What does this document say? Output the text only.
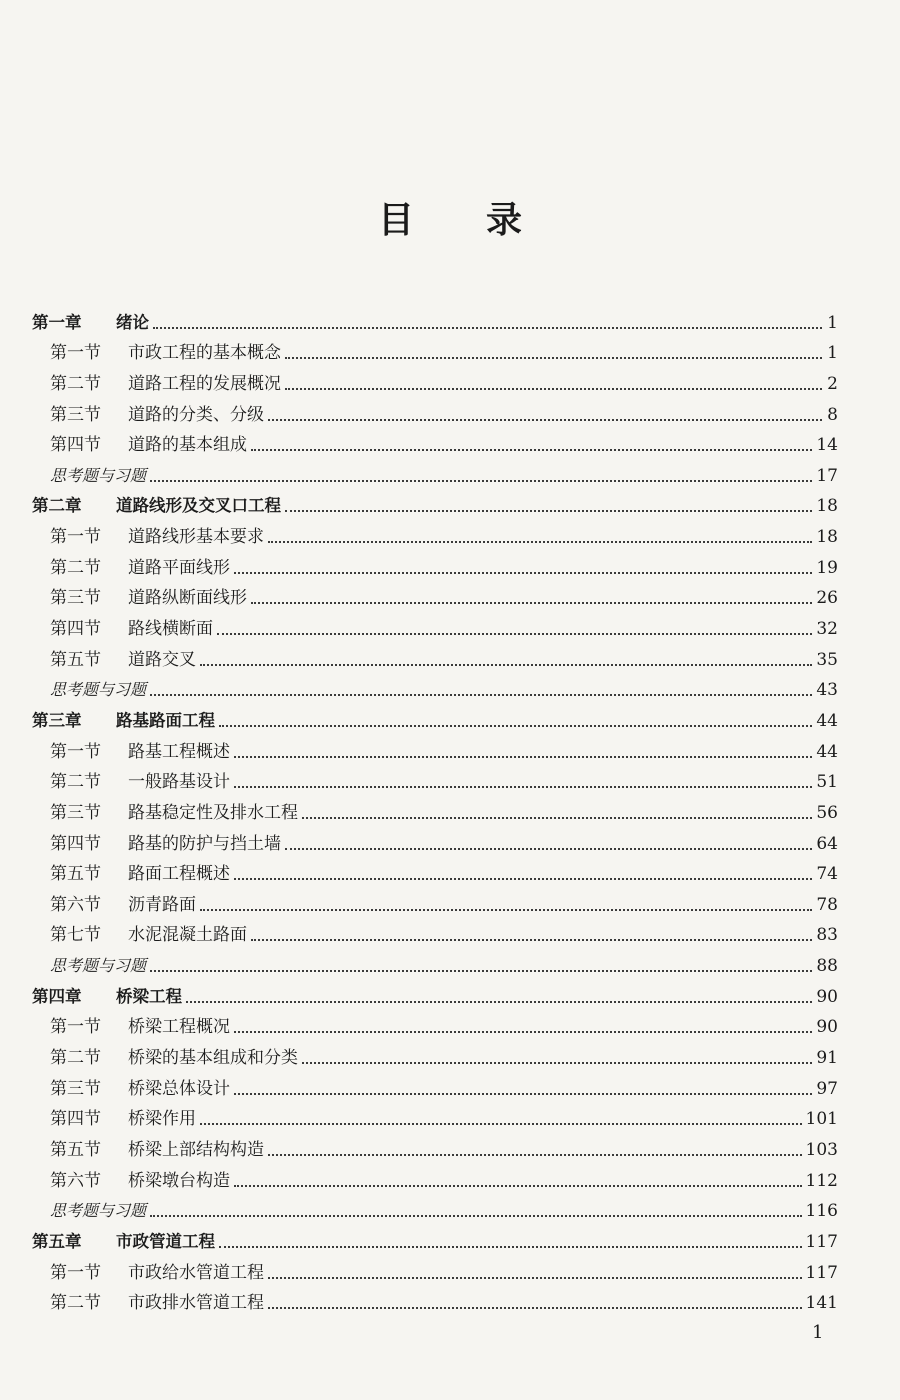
目 录
第一章	绪论	1
第一节	市政工程的基本概念	1
第二节	道路工程的发展概况	2
第三节	道路的分类、分级	8
第四节	道路的基本组成	14
思考题与习题	17
第二章	道路线形及交叉口工程	18
第一节	道路线形基本要求	18
第二节	道路平面线形	19
第三节	道路纵断面线形	26
第四节	路线横断面	32
第五节	道路交叉	35
思考题与习题	43
第三章	路基路面工程	44
第一节	路基工程概述	44
第二节	一般路基设计	51
第三节	路基稳定性及排水工程	56
第四节	路基的防护与挡土墙	64
第五节	路面工程概述	74
第六节	沥青路面	78
第七节	水泥混凝土路面	83
思考题与习题	88
第四章	桥梁工程	90
第一节	桥梁工程概况	90
第二节	桥梁的基本组成和分类	91
第三节	桥梁总体设计	97
第四节	桥梁作用	101
第五节	桥梁上部结构构造	103
第六节	桥梁墩台构造	112
思考题与习题	116
第五章	市政管道工程	117
第一节	市政给水管道工程	117
第二节	市政排水管道工程	141
1
